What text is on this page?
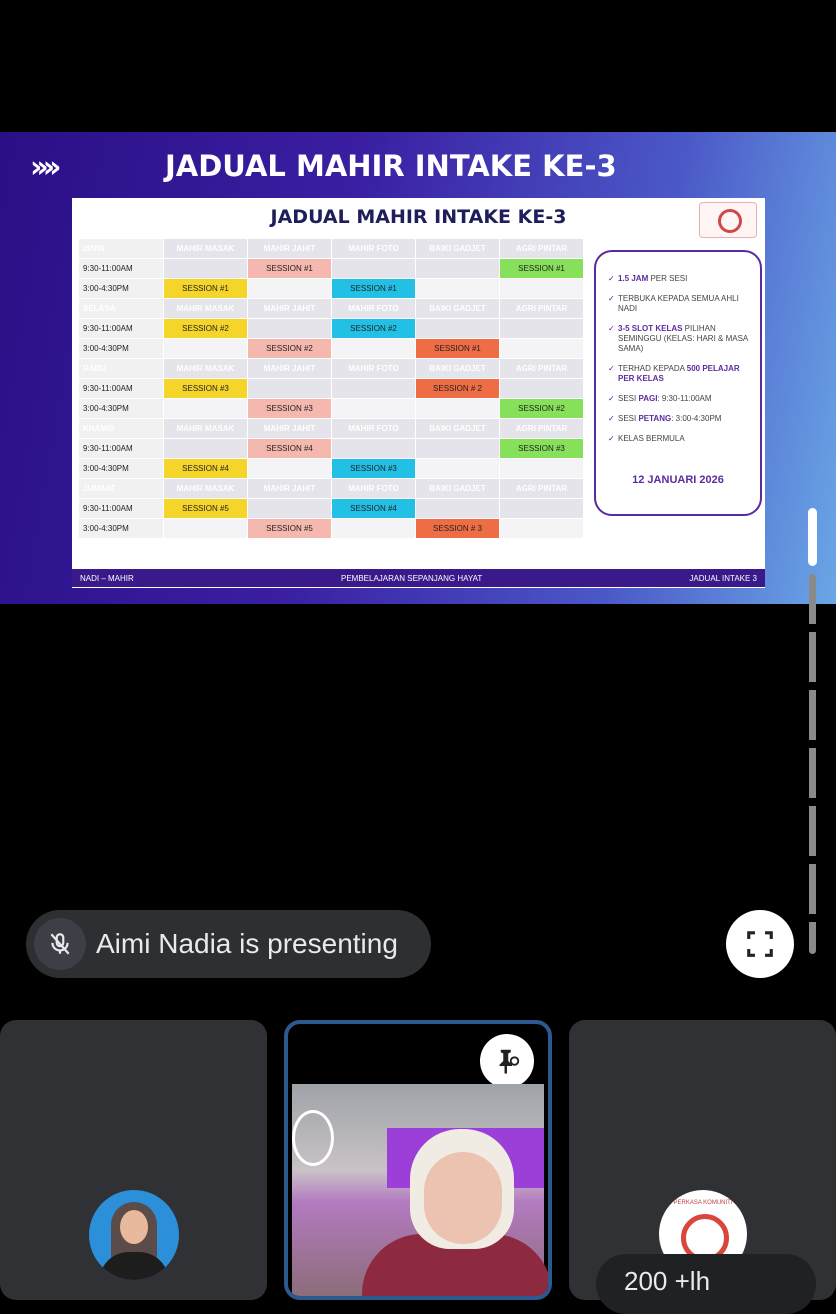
››››	JADUAL MAHIR INTAKE KE-3
JADUAL MAHIR INTAKE KE-3
ISNIN	MAHIR MASAK	MAHIR JAHIT	MAHIR FOTO	BAIKI GADJET	AGRI PINTAR
9:30-11:00AM		SESSION #1			SESSION #1
3:00-4:30PM	SESSION #1		SESSION #1		
SELASA	MAHIR MASAK	MAHIR JAHIT	MAHIR FOTO	BAIKI GADJET	AGRI PINTAR
9:30-11:00AM	SESSION #2		SESSION #2		
3:00-4:30PM		SESSION #2		SESSION #1	
RABU	MAHIR MASAK	MAHIR JAHIT	MAHIR FOTO	BAIKI GADJET	AGRI PINTAR
9:30-11:00AM	SESSION #3			SESSION # 2	
3:00-4:30PM		SESSION #3			SESSION #2
KHAMIS	MAHIR MASAK	MAHIR JAHIT	MAHIR FOTO	BAIKI GADJET	AGRI PINTAR
9:30-11:00AM		SESSION #4			SESSION #3
3:00-4:30PM	SESSION #4		SESSION #3		
JUMAAT	MAHIR MASAK	MAHIR JAHIT	MAHIR FOTO	BAIKI GADJET	AGRI PINTAR
9:30-11:00AM	SESSION #5		SESSION #4		
3:00-4:30PM		SESSION #5		SESSION # 3	
✓ 1.5 JAM PER SESI
✓ TERBUKA KEPADA SEMUA AHLI NADI
✓ 3-5 SLOT KELAS PILIHAN SEMINGGU (KELAS: HARI & MASA SAMA)
✓ TERHAD KEPADA 500 PELAJAR PER KELAS
✓ SESI PAGI: 9:30-11:00AM
✓ SESI PETANG: 3:00-4:30PM
✓ KELAS BERMULA
12 JANUARI 2026
NADI – MAHIR	PEMBELAJARAN SEPANJANG HAYAT	JADUAL INTAKE 3
Aimi Nadia is presenting
PERKASA KOMUNITI
200 +lh
